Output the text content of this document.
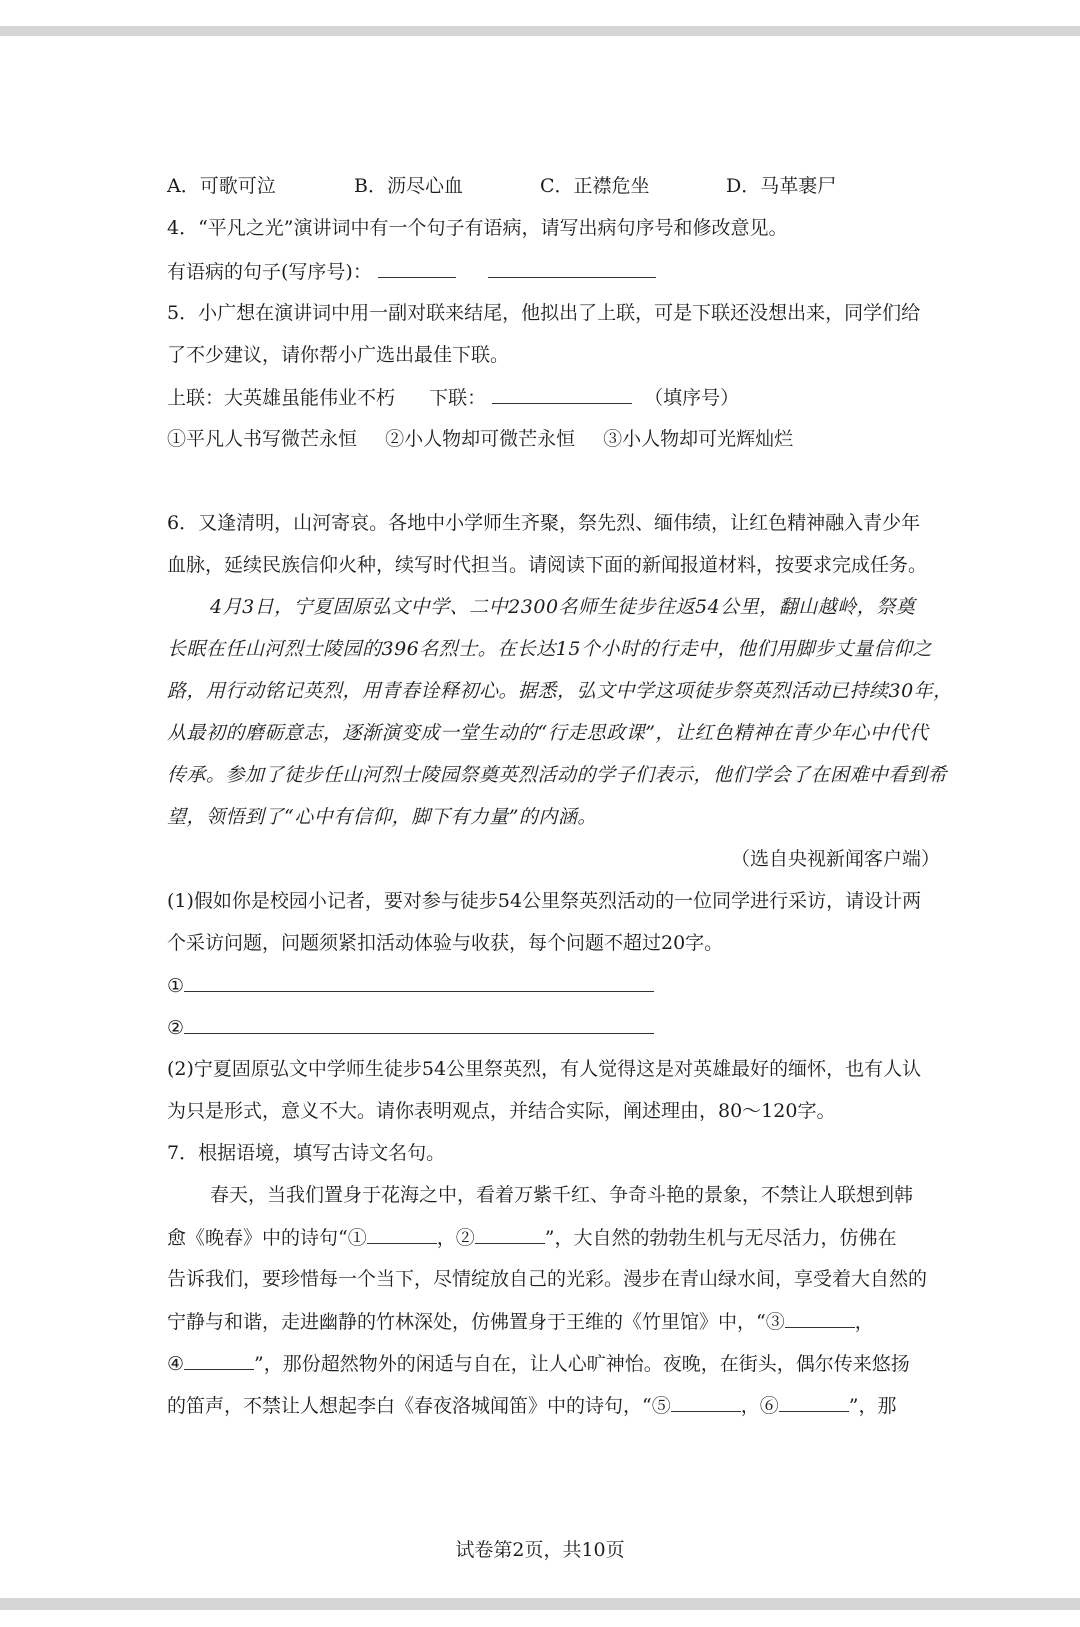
A．可歌可泣	B．沥尽心血	C．正襟危坐	D．马革裹尸
4．“平凡之光”演讲词中有一个句子有语病，请写出病句序号和修改意见。
有语病的句子(写序号)：
5．小广想在演讲词中用一副对联来结尾，他拟出了上联，可是下联还没想出来，同学们给
了不少建议，请你帮小广选出最佳下联。
上联：大英雄虽能伟业不朽 下联：	（填序号）
①平凡人书写微芒永恒 ②小人物却可微芒永恒 ③小人物却可光辉灿烂
6．又逢清明，山河寄哀。各地中小学师生齐聚，祭先烈、缅伟绩，让红色精神融入青少年
血脉，延续民族信仰火种，续写时代担当。请阅读下面的新闻报道材料，按要求完成任务。
4月3日，宁夏固原弘文中学、二中2300名师生徒步往返54公里，翻山越岭，祭奠
长眠在任山河烈士陵园的396名烈士。在长达15个小时的行走中，他们用脚步丈量信仰之
路，用行动铭记英烈，用青春诠释初心。据悉，弘文中学这项徒步祭英烈活动已持续30年，
从最初的磨砺意志，逐渐演变成一堂生动的“行走思政课”，让红色精神在青少年心中代代
传承。参加了徒步任山河烈士陵园祭奠英烈活动的学子们表示，他们学会了在困难中看到希
望，领悟到了“心中有信仰，脚下有力量”的内涵。
（选自央视新闻客户端）
(1)假如你是校园小记者，要对参与徒步54公里祭英烈活动的一位同学进行采访，请设计两
个采访问题，问题须紧扣活动体验与收获，每个问题不超过20字。
①
②
(2)宁夏固原弘文中学师生徒步54公里祭英烈，有人觉得这是对英雄最好的缅怀，也有人认
为只是形式，意义不大。请你表明观点，并结合实际，阐述理由，80～120字。
7．根据语境，填写古诗文名句。
春天，当我们置身于花海之中，看着万紫千红、争奇斗艳的景象，不禁让人联想到韩
愈《晚春》中的诗句“①	，②	”，大自然的勃勃生机与无尽活力，仿佛在
告诉我们，要珍惜每一个当下，尽情绽放自己的光彩。漫步在青山绿水间，享受着大自然的
宁静与和谐，走进幽静的竹林深处，仿佛置身于王维的《竹里馆》中，“③	，
④	”，那份超然物外的闲适与自在，让人心旷神怡。夜晚，在街头，偶尔传来悠扬
的笛声，不禁让人想起李白《春夜洛城闻笛》中的诗句，“⑤	，⑥	”，那
试卷第2页，共10页
